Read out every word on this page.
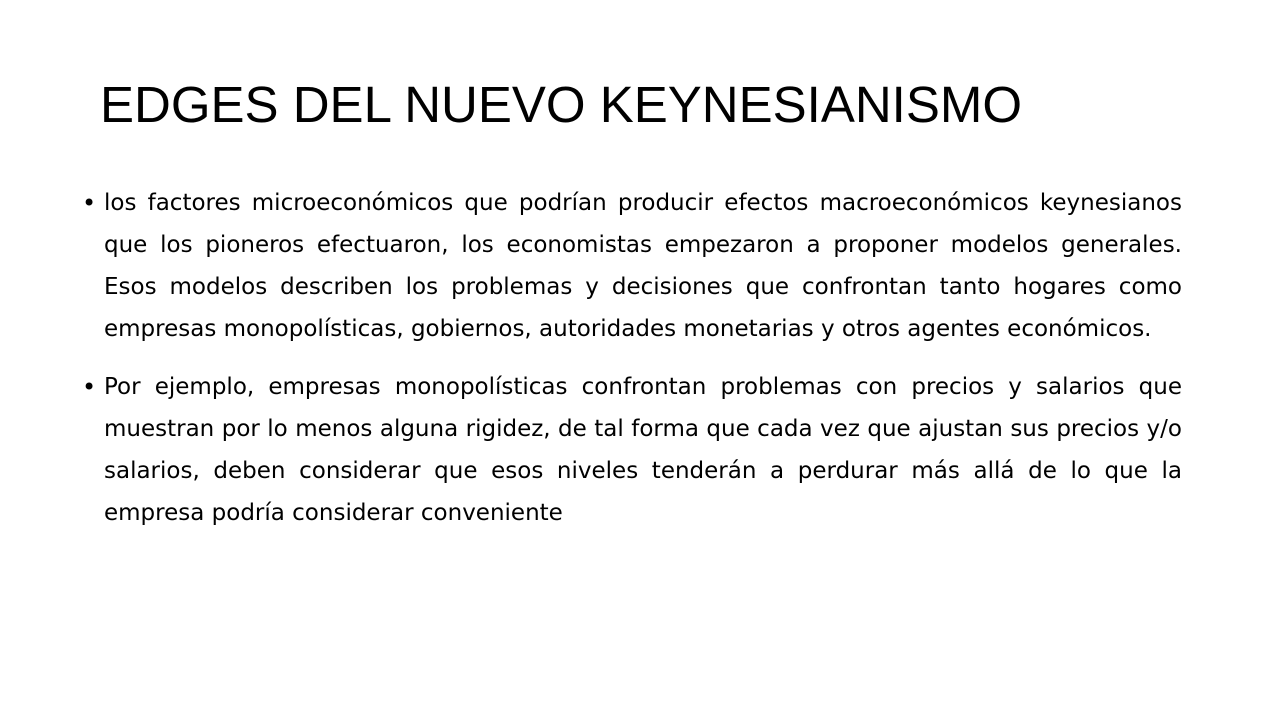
EDGES DEL NUEVO KEYNESIANISMO
• los factores microeconómicos que podrían producir efectos macroeconómicos keynesianos que los pioneros efectuaron, los economistas empezaron a proponer modelos generales. Esos modelos describen los problemas y decisiones que confrontan tanto hogares como empresas monopolísticas, gobiernos, autoridades monetarias y otros agentes económicos.
• Por ejemplo, empresas monopolísticas confrontan problemas con precios y salarios que muestran por lo menos alguna rigidez, de tal forma que cada vez que ajustan sus precios y/o salarios, deben considerar que esos niveles tenderán a perdurar más allá de lo que la empresa podría considerar conveniente
